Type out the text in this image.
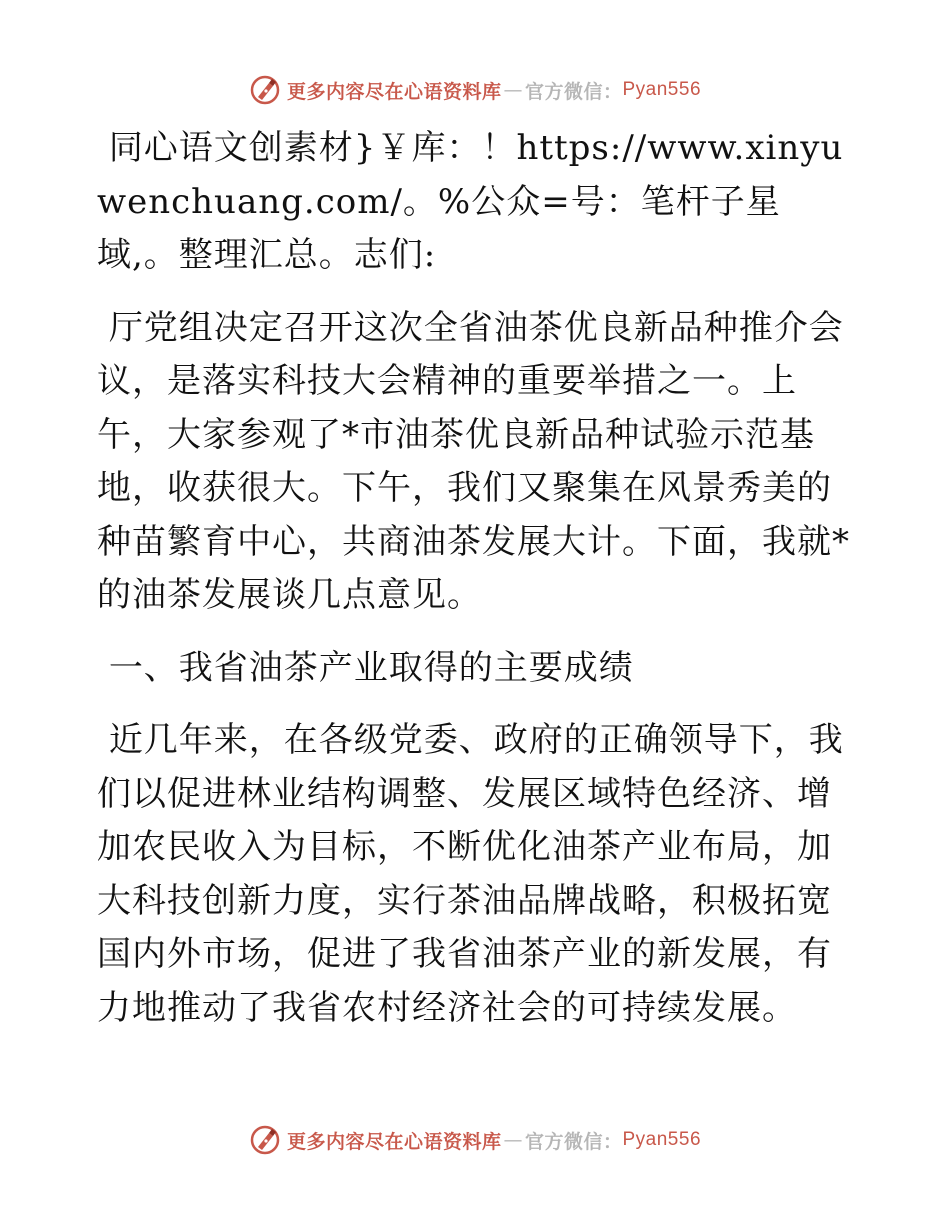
更多内容尽在心语资料库 — 官方微信： Pyan556

同心语文创素材}￥库：！https://www.xinyuwenchuang.com/。%公众=号：笔杆子星域,。整理汇总。志们:

厅党组决定召开这次全省油茶优良新品种推介会议，是落实科技大会精神的重要举措之一。上午，大家参观了*市油茶优良新品种试验示范基地，收获很大。下午，我们又聚集在风景秀美的种苗繁育中心，共商油茶发展大计。下面，我就*的油茶发展谈几点意见。

一、我省油茶产业取得的主要成绩

近几年来，在各级党委、政府的正确领导下，我们以促进林业结构调整、发展区域特色经济、增加农民收入为目标，不断优化油茶产业布局，加大科技创新力度，实行茶油品牌战略，积极拓宽国内外市场，促进了我省油茶产业的新发展，有力地推动了我省农村经济社会的可持续发展。

更多内容尽在心语资料库 — 官方微信： Pyan556
